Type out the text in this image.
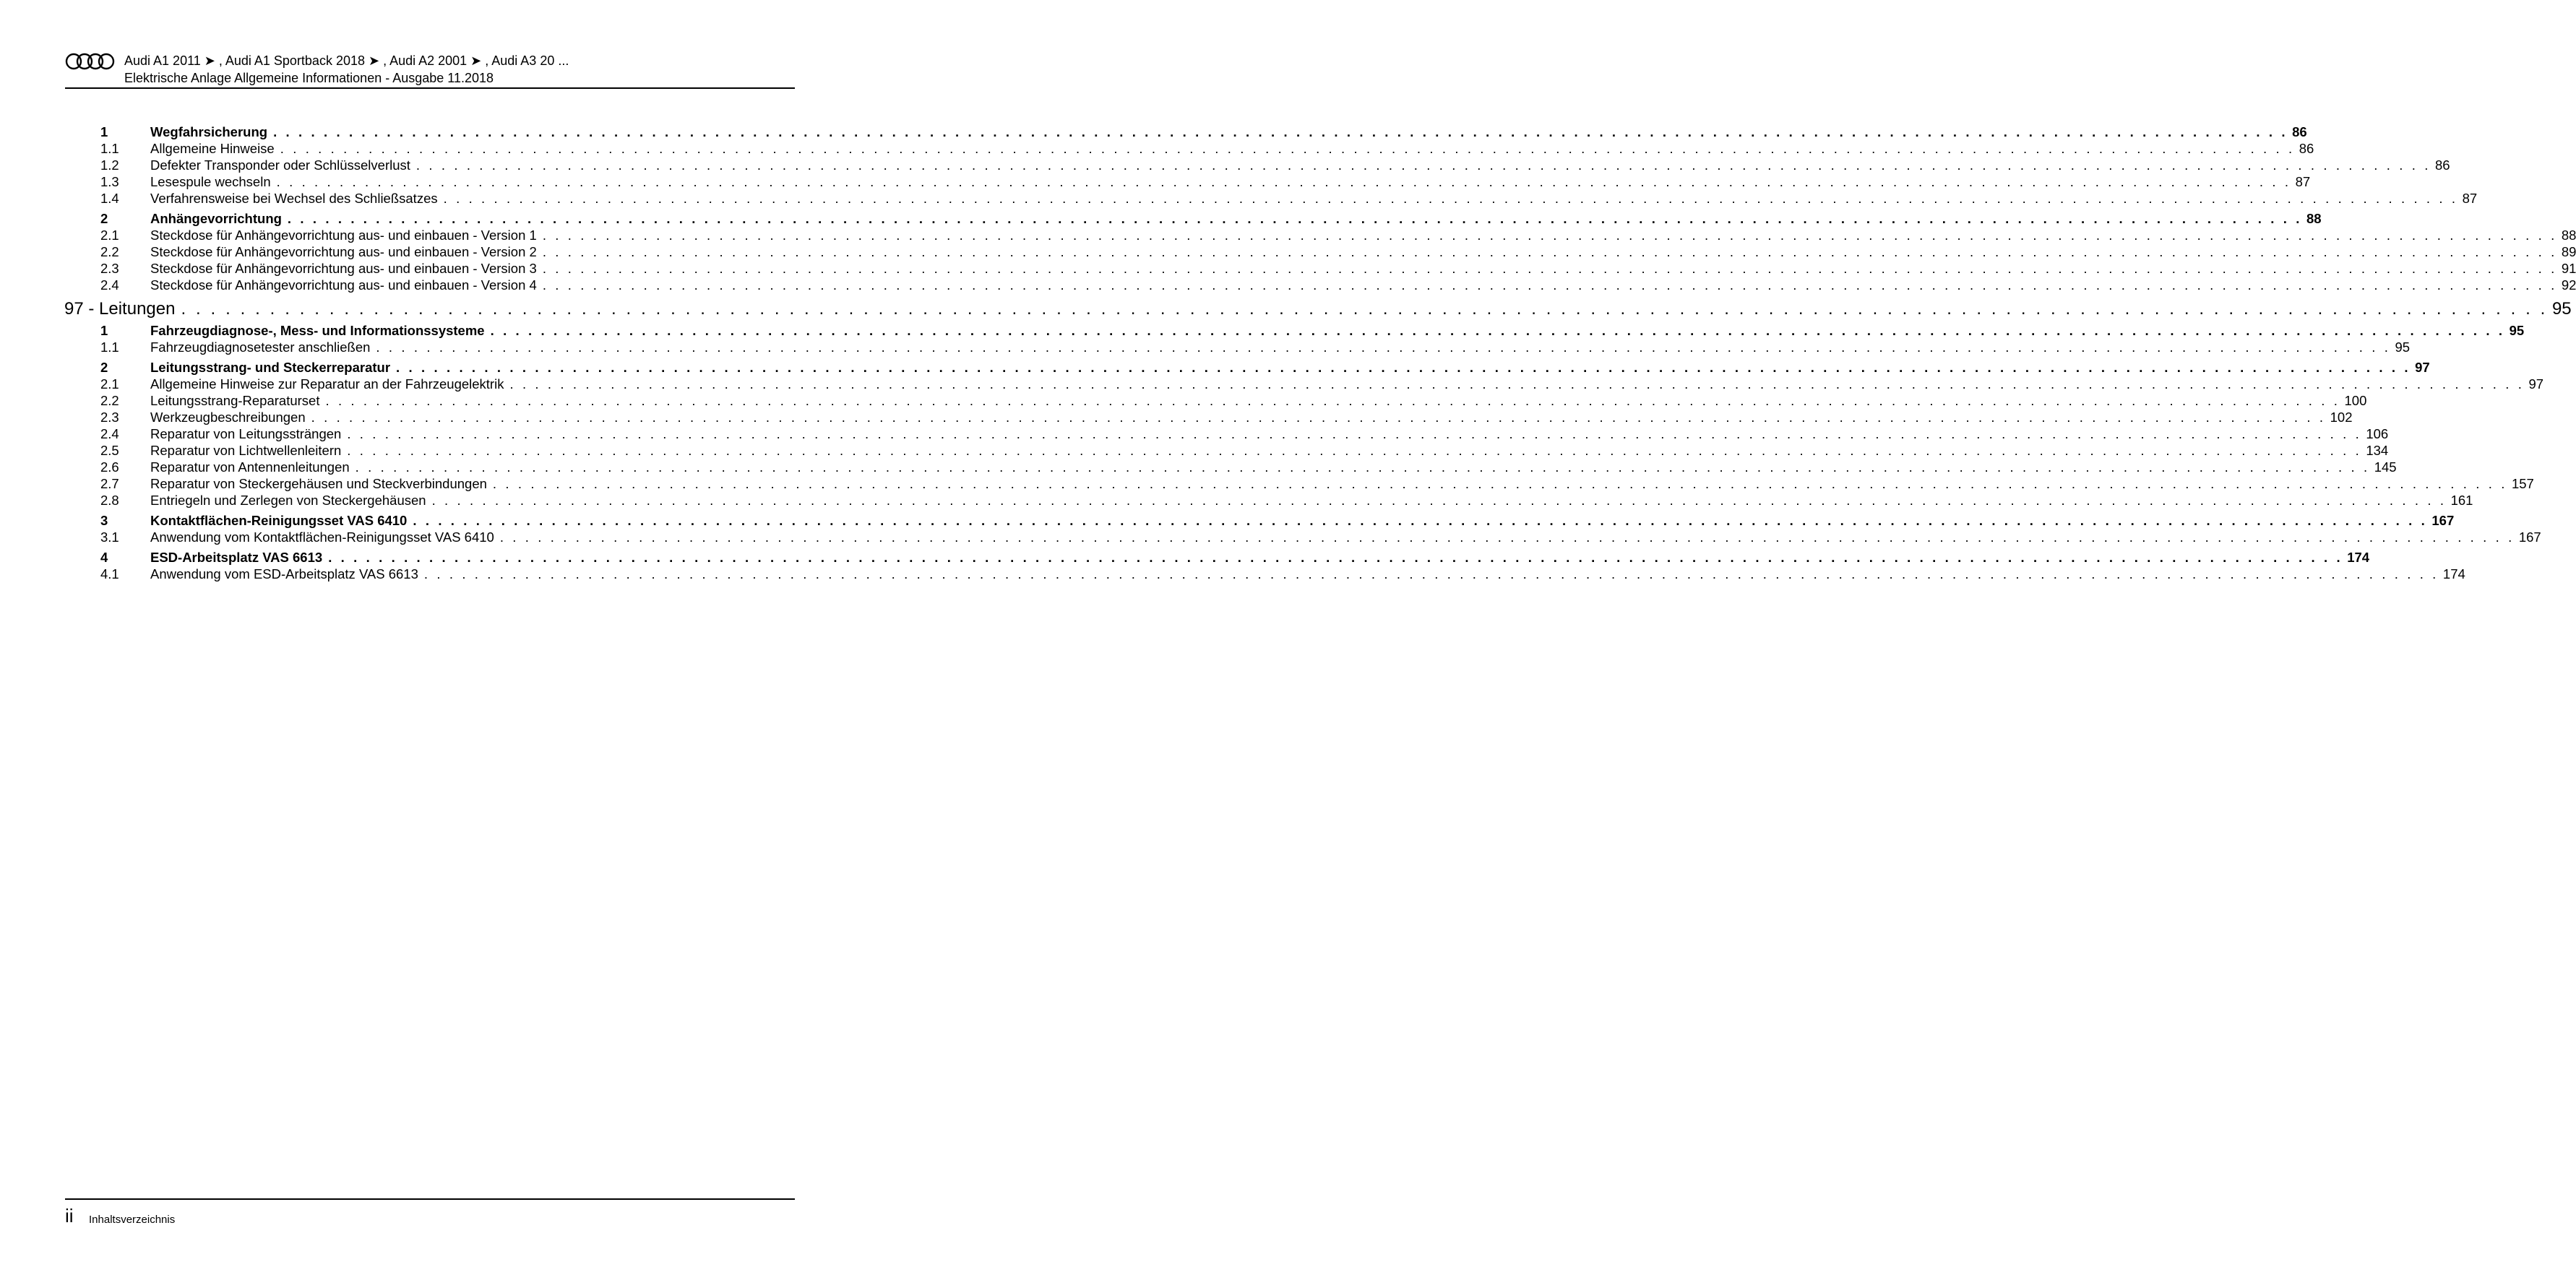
Audi A1 2011 ➤ , Audi A1 Sportback 2018 ➤ , Audi A2 2001 ➤ , Audi A3 20 ...
Elektrische Anlage Allgemeine Informationen - Ausgabe 11.2018
1	Wegfahrsicherung . . . . . . . . . . . . . . . . . . . . . . . . . . . . . . . . . . . . . . . . . . . . . . . . . . . . . . . . . . . . . . . . . . . . . . . . . . . . . . . . . . . . . . . . . . . . . . . . . . . . . . . . . . . . . . . . . . . . . . . . . . . . . . . . . . . . . . . . . . . . . . . . . . . . . . . . . . . . . . . . 86
1.1	Allgemeine Hinweise . . . . . . . . . . . . . . . . . . . . . . . . . . . . . . . . . . . . . . . . . . . . . . . . . . . . . . . . . . . . . . . . . . . . . . . . . . . . . . . . . . . . . . . . . . . . . . . . . . . . . . . . . . . . . . . . . . . . . . . . . . . . . . . . . . . . . . . . . . . . . . . . . . . . . . . . . . . . . . . . 86
1.2	Defekter Transponder oder Schlüsselverlust . . . . . . . . . . . . . . . . . . . . . . . . . . . . . . . . . . . . . . . . . . . . . . . . . . . . . . . . . . . . . . . . . . . . . . . . . . . . . . . . . . . . . . . . . . . . . . . . . . . . . . . . . . . . . . . . . . . . . . . . . . . . . . . . . . . . . . . . . . . . . . . . . . . . . . . . . . . . . . . . 86
1.3	Lesespule wechseln . . . . . . . . . . . . . . . . . . . . . . . . . . . . . . . . . . . . . . . . . . . . . . . . . . . . . . . . . . . . . . . . . . . . . . . . . . . . . . . . . . . . . . . . . . . . . . . . . . . . . . . . . . . . . . . . . . . . . . . . . . . . . . . . . . . . . . . . . . . . . . . . . . . . . . . . . . . . . . . . 87
1.4	Verfahrensweise bei Wechsel des Schließsatzes . . . . . . . . . . . . . . . . . . . . . . . . . . . . . . . . . . . . . . . . . . . . . . . . . . . . . . . . . . . . . . . . . . . . . . . . . . . . . . . . . . . . . . . . . . . . . . . . . . . . . . . . . . . . . . . . . . . . . . . . . . . . . . . . . . . . . . . . . . . . . . . . . . . . . . . . . . . . . . . . 87
2	Anhängevorrichtung . . . . . . . . . . . . . . . . . . . . . . . . . . . . . . . . . . . . . . . . . . . . . . . . . . . . . . . . . . . . . . . . . . . . . . . . . . . . . . . . . . . . . . . . . . . . . . . . . . . . . . . . . . . . . . . . . . . . . . . . . . . . . . . . . . . . . . . . . . . . . . . . . . . . . . . . . . . . . . . . 88
2.1	Steckdose für Anhängevorrichtung aus- und einbauen - Version 1 . . . . . . . . . . . . . . . . . . . . . . . . . . . . . . . . . . . . . . . . . . . . . . . . . . . . . . . . . . . . . . . . . . . . . . . . . . . . . . . . . . . . . . . . . . . . . . . . . . . . . . . . . . . . . . . . . . . . . . . . . . . . . . . . . . . . . . . . . . . . . . . . . . . . . . . . . . . . . . . . 88
2.2	Steckdose für Anhängevorrichtung aus- und einbauen - Version 2 . . . . . . . . . . . . . . . . . . . . . . . . . . . . . . . . . . . . . . . . . . . . . . . . . . . . . . . . . . . . . . . . . . . . . . . . . . . . . . . . . . . . . . . . . . . . . . . . . . . . . . . . . . . . . . . . . . . . . . . . . . . . . . . . . . . . . . . . . . . . . . . . . . . . . . . . . . . . . . . . 89
2.3	Steckdose für Anhängevorrichtung aus- und einbauen - Version 3 . . . . . . . . . . . . . . . . . . . . . . . . . . . . . . . . . . . . . . . . . . . . . . . . . . . . . . . . . . . . . . . . . . . . . . . . . . . . . . . . . . . . . . . . . . . . . . . . . . . . . . . . . . . . . . . . . . . . . . . . . . . . . . . . . . . . . . . . . . . . . . . . . . . . . . . . . . . . . . . . 91
2.4	Steckdose für Anhängevorrichtung aus- und einbauen - Version 4 . . . . . . . . . . . . . . . . . . . . . . . . . . . . . . . . . . . . . . . . . . . . . . . . . . . . . . . . . . . . . . . . . . . . . . . . . . . . . . . . . . . . . . . . . . . . . . . . . . . . . . . . . . . . . . . . . . . . . . . . . . . . . . . . . . . . . . . . . . . . . . . . . . . . . . . . . . . . . . . . 92
97 - Leitungen . . . . . . . . . . . . . . . . . . . . . . . . . . . . . . . . . . . . . . . . . . . . . . . . . . . . . . . . . . . . . . . . . . . . . . . . . . . . . . . . . . . . . . . . . . . . . . . . . . . . . . . . . . . . . . . . . . . . . . . . . . . . . . . . . . . . . . . . . . . . . . . . . . . . . . . . . . . . . . . . 95
1	Fahrzeugdiagnose-, Mess- und Informationssysteme . . . . . . . . . . . . . . . . . . . . . . . . . . . . . . . . . . . . . . . . . . . . . . . . . . . . . . . . . . . . . . . . . . . . . . . . . . . . . . . . . . . . . . . . . . . . . . . . . . . . . . . . . . . . . . . . . . . . . . . . . . . . . . . . . . . . . . . . . . . . . . . . . . . . . . . . . . . . . . . . 95
1.1	Fahrzeugdiagnosetester anschließen . . . . . . . . . . . . . . . . . . . . . . . . . . . . . . . . . . . . . . . . . . . . . . . . . . . . . . . . . . . . . . . . . . . . . . . . . . . . . . . . . . . . . . . . . . . . . . . . . . . . . . . . . . . . . . . . . . . . . . . . . . . . . . . . . . . . . . . . . . . . . . . . . . . . . . . . . . . . . . . . 95
2	Leitungsstrang- und Steckerreparatur . . . . . . . . . . . . . . . . . . . . . . . . . . . . . . . . . . . . . . . . . . . . . . . . . . . . . . . . . . . . . . . . . . . . . . . . . . . . . . . . . . . . . . . . . . . . . . . . . . . . . . . . . . . . . . . . . . . . . . . . . . . . . . . . . . . . . . . . . . . . . . . . . . . . . . . . . . . . . . . . 97
2.1	Allgemeine Hinweise zur Reparatur an der Fahrzeugelektrik . . . . . . . . . . . . . . . . . . . . . . . . . . . . . . . . . . . . . . . . . . . . . . . . . . . . . . . . . . . . . . . . . . . . . . . . . . . . . . . . . . . . . . . . . . . . . . . . . . . . . . . . . . . . . . . . . . . . . . . . . . . . . . . . . . . . . . . . . . . . . . . . . . . . . . . . . . . . . . . . 97
2.2	Leitungsstrang-Reparaturset . . . . . . . . . . . . . . . . . . . . . . . . . . . . . . . . . . . . . . . . . . . . . . . . . . . . . . . . . . . . . . . . . . . . . . . . . . . . . . . . . . . . . . . . . . . . . . . . . . . . . . . . . . . . . . . . . . . . . . . . . . . . . . . . . . . . . . . . . . . . . . . . . . . . . . . . . . . . . . . . 100
2.3	Werkzeugbeschreibungen . . . . . . . . . . . . . . . . . . . . . . . . . . . . . . . . . . . . . . . . . . . . . . . . . . . . . . . . . . . . . . . . . . . . . . . . . . . . . . . . . . . . . . . . . . . . . . . . . . . . . . . . . . . . . . . . . . . . . . . . . . . . . . . . . . . . . . . . . . . . . . . . . . . . . . . . . . . . . . . . 102
2.4	Reparatur von Leitungssträngen . . . . . . . . . . . . . . . . . . . . . . . . . . . . . . . . . . . . . . . . . . . . . . . . . . . . . . . . . . . . . . . . . . . . . . . . . . . . . . . . . . . . . . . . . . . . . . . . . . . . . . . . . . . . . . . . . . . . . . . . . . . . . . . . . . . . . . . . . . . . . . . . . . . . . . . . . . . . . . . . 106
2.5	Reparatur von Lichtwellenleitern . . . . . . . . . . . . . . . . . . . . . . . . . . . . . . . . . . . . . . . . . . . . . . . . . . . . . . . . . . . . . . . . . . . . . . . . . . . . . . . . . . . . . . . . . . . . . . . . . . . . . . . . . . . . . . . . . . . . . . . . . . . . . . . . . . . . . . . . . . . . . . . . . . . . . . . . . . . . . . . . 134
2.6	Reparatur von Antennenleitungen . . . . . . . . . . . . . . . . . . . . . . . . . . . . . . . . . . . . . . . . . . . . . . . . . . . . . . . . . . . . . . . . . . . . . . . . . . . . . . . . . . . . . . . . . . . . . . . . . . . . . . . . . . . . . . . . . . . . . . . . . . . . . . . . . . . . . . . . . . . . . . . . . . . . . . . . . . . . . . . . 145
2.7	Reparatur von Steckergehäusen und Steckverbindungen . . . . . . . . . . . . . . . . . . . . . . . . . . . . . . . . . . . . . . . . . . . . . . . . . . . . . . . . . . . . . . . . . . . . . . . . . . . . . . . . . . . . . . . . . . . . . . . . . . . . . . . . . . . . . . . . . . . . . . . . . . . . . . . . . . . . . . . . . . . . . . . . . . . . . . . . . . . . . . . . 157
2.8	Entriegeln und Zerlegen von Steckergehäusen . . . . . . . . . . . . . . . . . . . . . . . . . . . . . . . . . . . . . . . . . . . . . . . . . . . . . . . . . . . . . . . . . . . . . . . . . . . . . . . . . . . . . . . . . . . . . . . . . . . . . . . . . . . . . . . . . . . . . . . . . . . . . . . . . . . . . . . . . . . . . . . . . . . . . . . . . . . . . . . . 161
3	Kontaktflächen-Reinigungsset VAS 6410 . . . . . . . . . . . . . . . . . . . . . . . . . . . . . . . . . . . . . . . . . . . . . . . . . . . . . . . . . . . . . . . . . . . . . . . . . . . . . . . . . . . . . . . . . . . . . . . . . . . . . . . . . . . . . . . . . . . . . . . . . . . . . . . . . . . . . . . . . . . . . . . . . . . . . . . . . . . . . . . . 167
3.1	Anwendung vom Kontaktflächen-Reinigungsset VAS 6410 . . . . . . . . . . . . . . . . . . . . . . . . . . . . . . . . . . . . . . . . . . . . . . . . . . . . . . . . . . . . . . . . . . . . . . . . . . . . . . . . . . . . . . . . . . . . . . . . . . . . . . . . . . . . . . . . . . . . . . . . . . . . . . . . . . . . . . . . . . . . . . . . . . . . . . . . . . . . . . . . 167
4	ESD-Arbeitsplatz VAS 6613 . . . . . . . . . . . . . . . . . . . . . . . . . . . . . . . . . . . . . . . . . . . . . . . . . . . . . . . . . . . . . . . . . . . . . . . . . . . . . . . . . . . . . . . . . . . . . . . . . . . . . . . . . . . . . . . . . . . . . . . . . . . . . . . . . . . . . . . . . . . . . . . . . . . . . . . . . . . . . . . . 174
4.1	Anwendung vom ESD-Arbeitsplatz VAS 6613 . . . . . . . . . . . . . . . . . . . . . . . . . . . . . . . . . . . . . . . . . . . . . . . . . . . . . . . . . . . . . . . . . . . . . . . . . . . . . . . . . . . . . . . . . . . . . . . . . . . . . . . . . . . . . . . . . . . . . . . . . . . . . . . . . . . . . . . . . . . . . . . . . . . . . . . . . . . . . . . . 174
ii Inhaltsverzeichnis
